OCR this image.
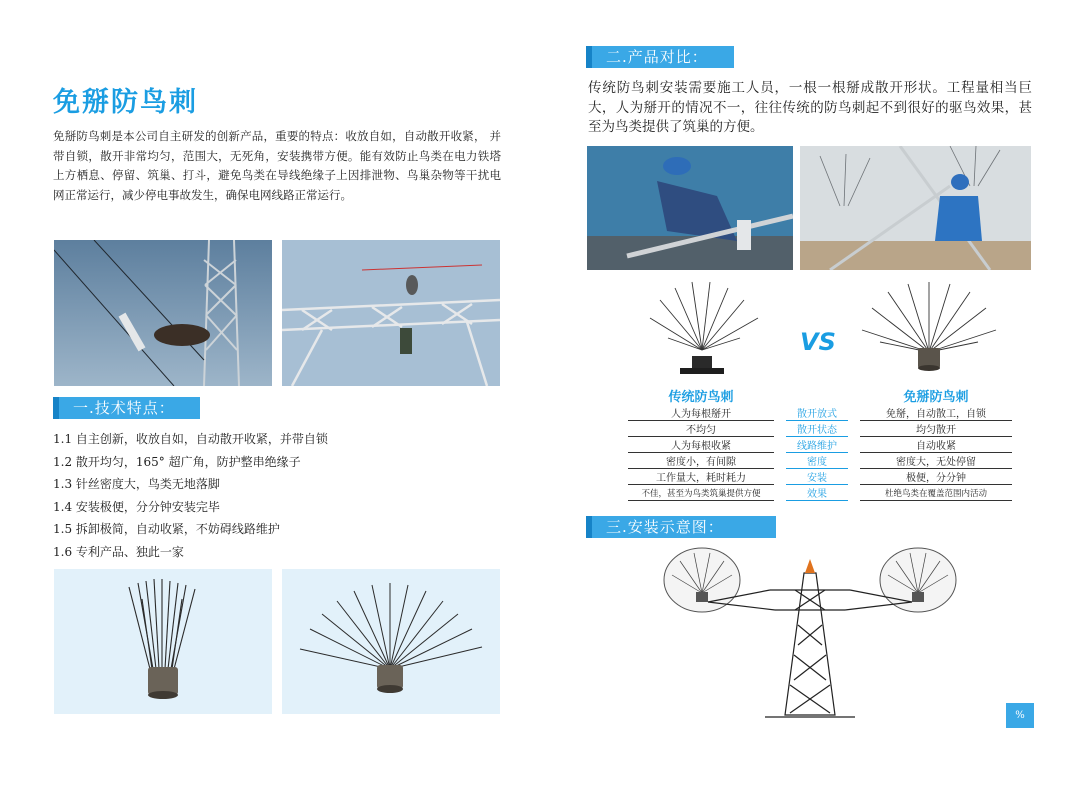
免掰防鸟刺
免掰防鸟刺是本公司自主研发的创新产品，重要的特点：收放自如，自动散开收紧， 并带自锁，散开非常均匀，范围大，无死角，安装携带方便。能有效防止鸟类在电力铁塔上方栖息、停留、筑巢、打斗，避免鸟类在导线绝缘子上因排泄物、鸟巢杂物等干扰电网正常运行，减少停电事故发生，确保电网线路正常运行。
一.技术特点：
1.1 自主创新，收放自如，自动散开收紧，并带自锁
1.2 散开均匀，165° 超广角，防护整串绝缘子
1.3 针丝密度大，鸟类无地落脚
1.4 安装极便，分分钟安装完毕
1.5 拆卸极简，自动收紧，不妨碍线路维护
1.6 专利产品、独此一家
二.产品对比：
传统防鸟刺安装需要施工人员，一根一根掰成散开形状。工程量相当巨大，人为掰开的情况不一，往往传统的防鸟刺起不到很好的驱鸟效果，甚至为鸟类提供了筑巢的方便。
VS
传统防鸟刺				免掰防鸟刺
人为每根掰开		散开放式		免掰，自动散工，自锁
不均匀		散开状态		均匀散开
人为每根收紧		线路维护		自动收紧
密度小，有间隙		密度		密度大，无处停留
工作量大，耗时耗力		安装		极便，分分钟
不佳，甚至为鸟类筑巢提供方便		效果		杜绝鸟类在覆盖范围内活动
三.安装示意图：
%
